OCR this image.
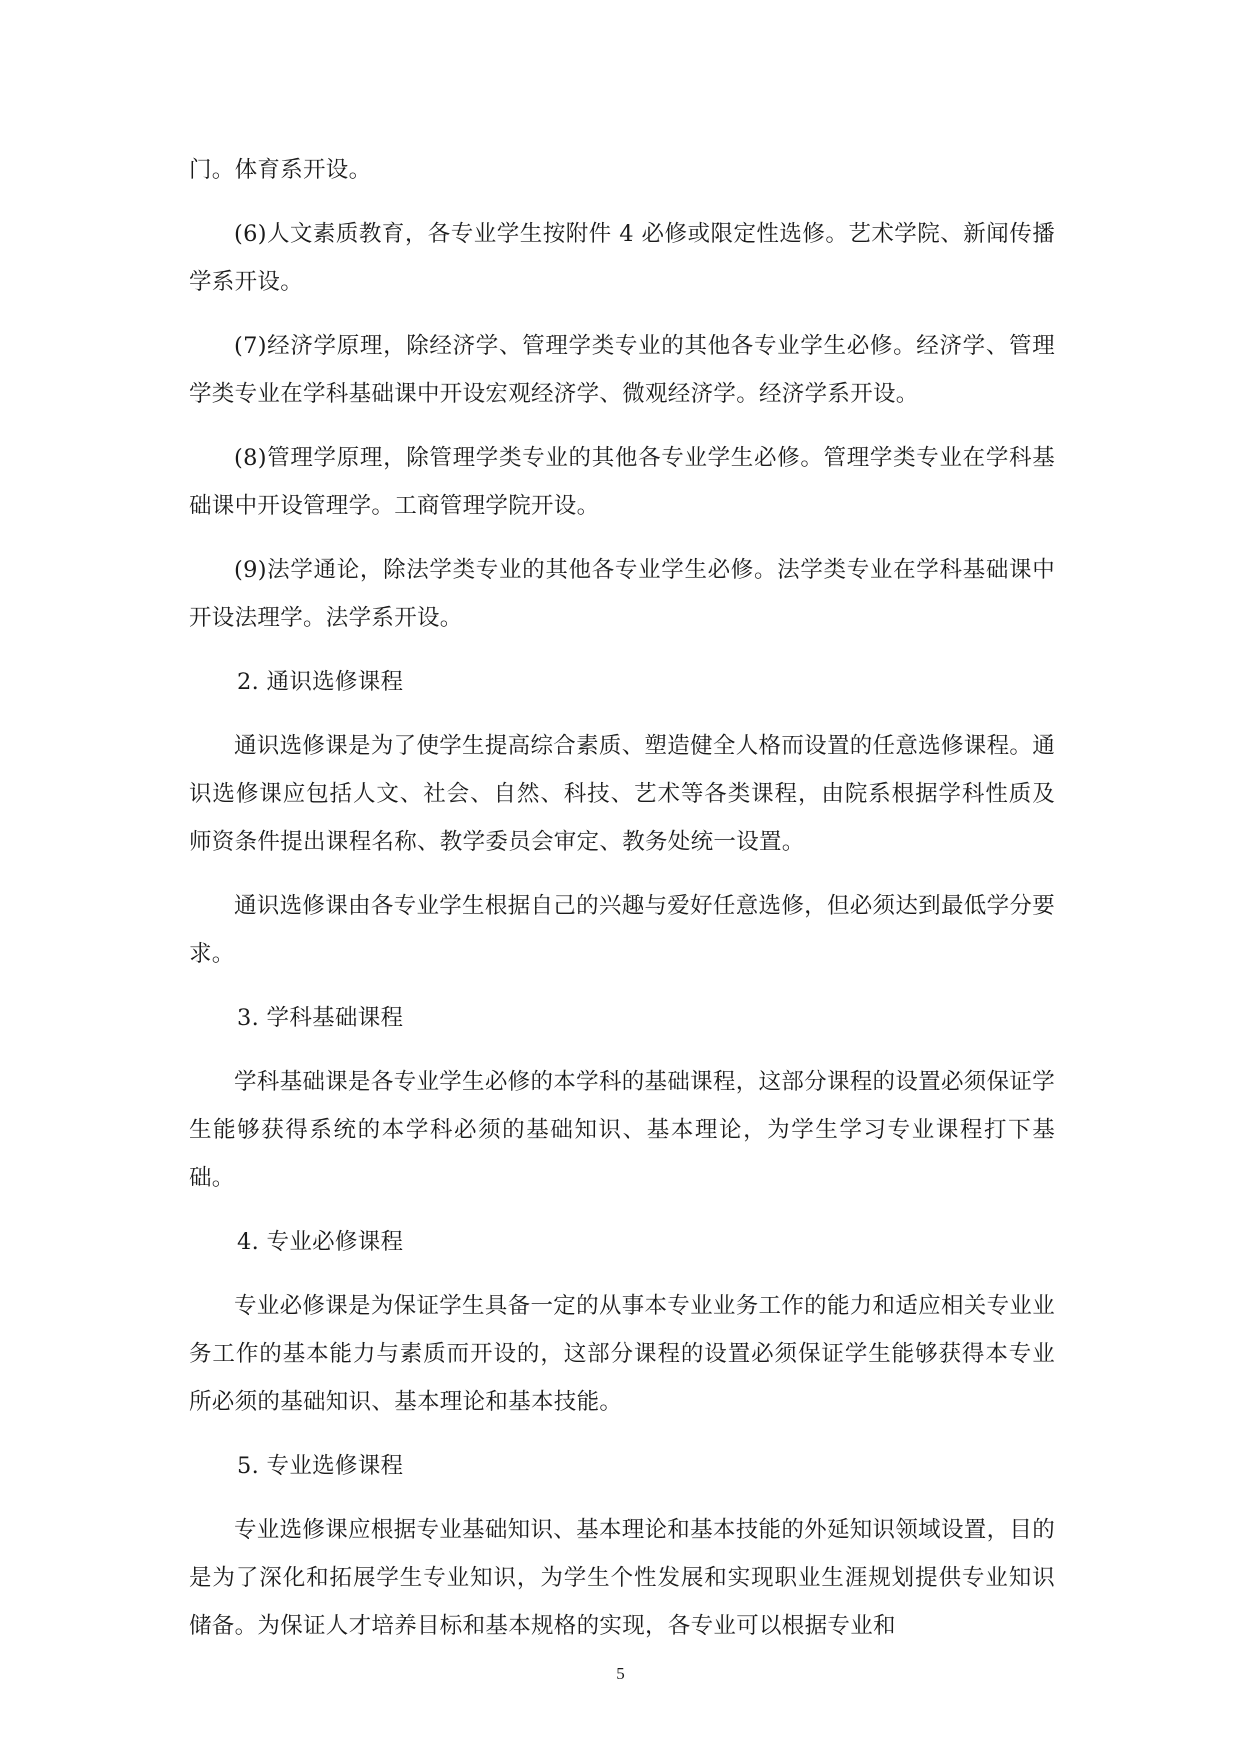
门。体育系开设。

(6)人文素质教育，各专业学生按附件 4 必修或限定性选修。艺术学院、新闻传播学系开设。

(7)经济学原理，除经济学、管理学类专业的其他各专业学生必修。经济学、管理学类专业在学科基础课中开设宏观经济学、微观经济学。经济学系开设。

(8)管理学原理，除管理学类专业的其他各专业学生必修。管理学类专业在学科基础课中开设管理学。工商管理学院开设。

(9)法学通论，除法学类专业的其他各专业学生必修。法学类专业在学科基础课中开设法理学。法学系开设。

2. 通识选修课程

通识选修课是为了使学生提高综合素质、塑造健全人格而设置的任意选修课程。通识选修课应包括人文、社会、自然、科技、艺术等各类课程，由院系根据学科性质及师资条件提出课程名称、教学委员会审定、教务处统一设置。

通识选修课由各专业学生根据自己的兴趣与爱好任意选修，但必须达到最低学分要求。

3. 学科基础课程

学科基础课是各专业学生必修的本学科的基础课程，这部分课程的设置必须保证学生能够获得系统的本学科必须的基础知识、基本理论，为学生学习专业课程打下基础。

4. 专业必修课程

专业必修课是为保证学生具备一定的从事本专业业务工作的能力和适应相关专业业务工作的基本能力与素质而开设的，这部分课程的设置必须保证学生能够获得本专业所必须的基础知识、基本理论和基本技能。

5. 专业选修课程

专业选修课应根据专业基础知识、基本理论和基本技能的外延知识领域设置，目的是为了深化和拓展学生专业知识，为学生个性发展和实现职业生涯规划提供专业知识储备。为保证人才培养目标和基本规格的实现，各专业可以根据专业和

5
